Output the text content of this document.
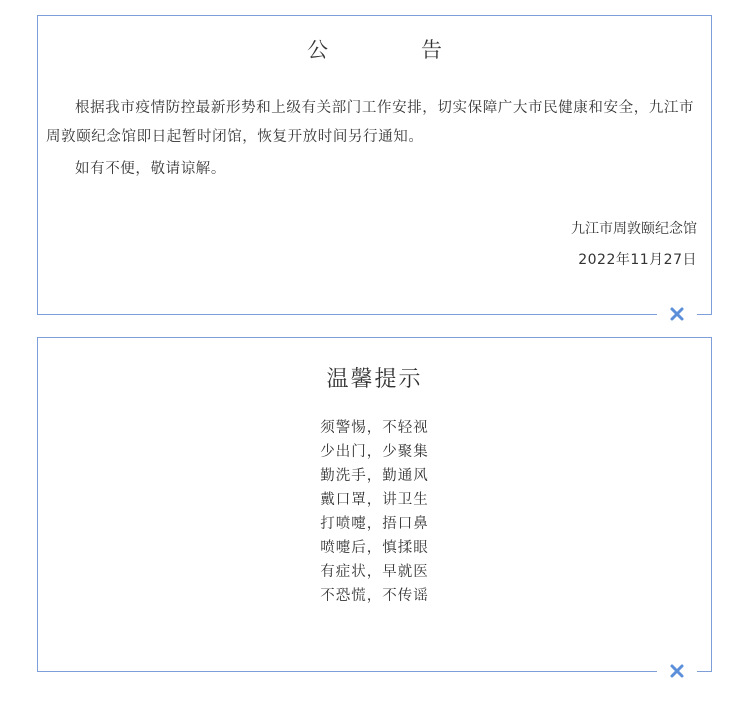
公　告

根据我市疫情防控最新形势和上级有关部门工作安排，切实保障广大市民健康和安全，九江市周敦颐纪念馆即日起暂时闭馆，恢复开放时间另行通知。

如有不便，敬请谅解。

九江市周敦颐纪念馆
2022年11月27日
温馨提示
须警惕，不轻视
少出门，少聚集
勤洗手，勤通风
戴口罩，讲卫生
打喷嚏，捂口鼻
喷嚏后，慎揉眼
有症状，早就医
不恐慌，不传谣
